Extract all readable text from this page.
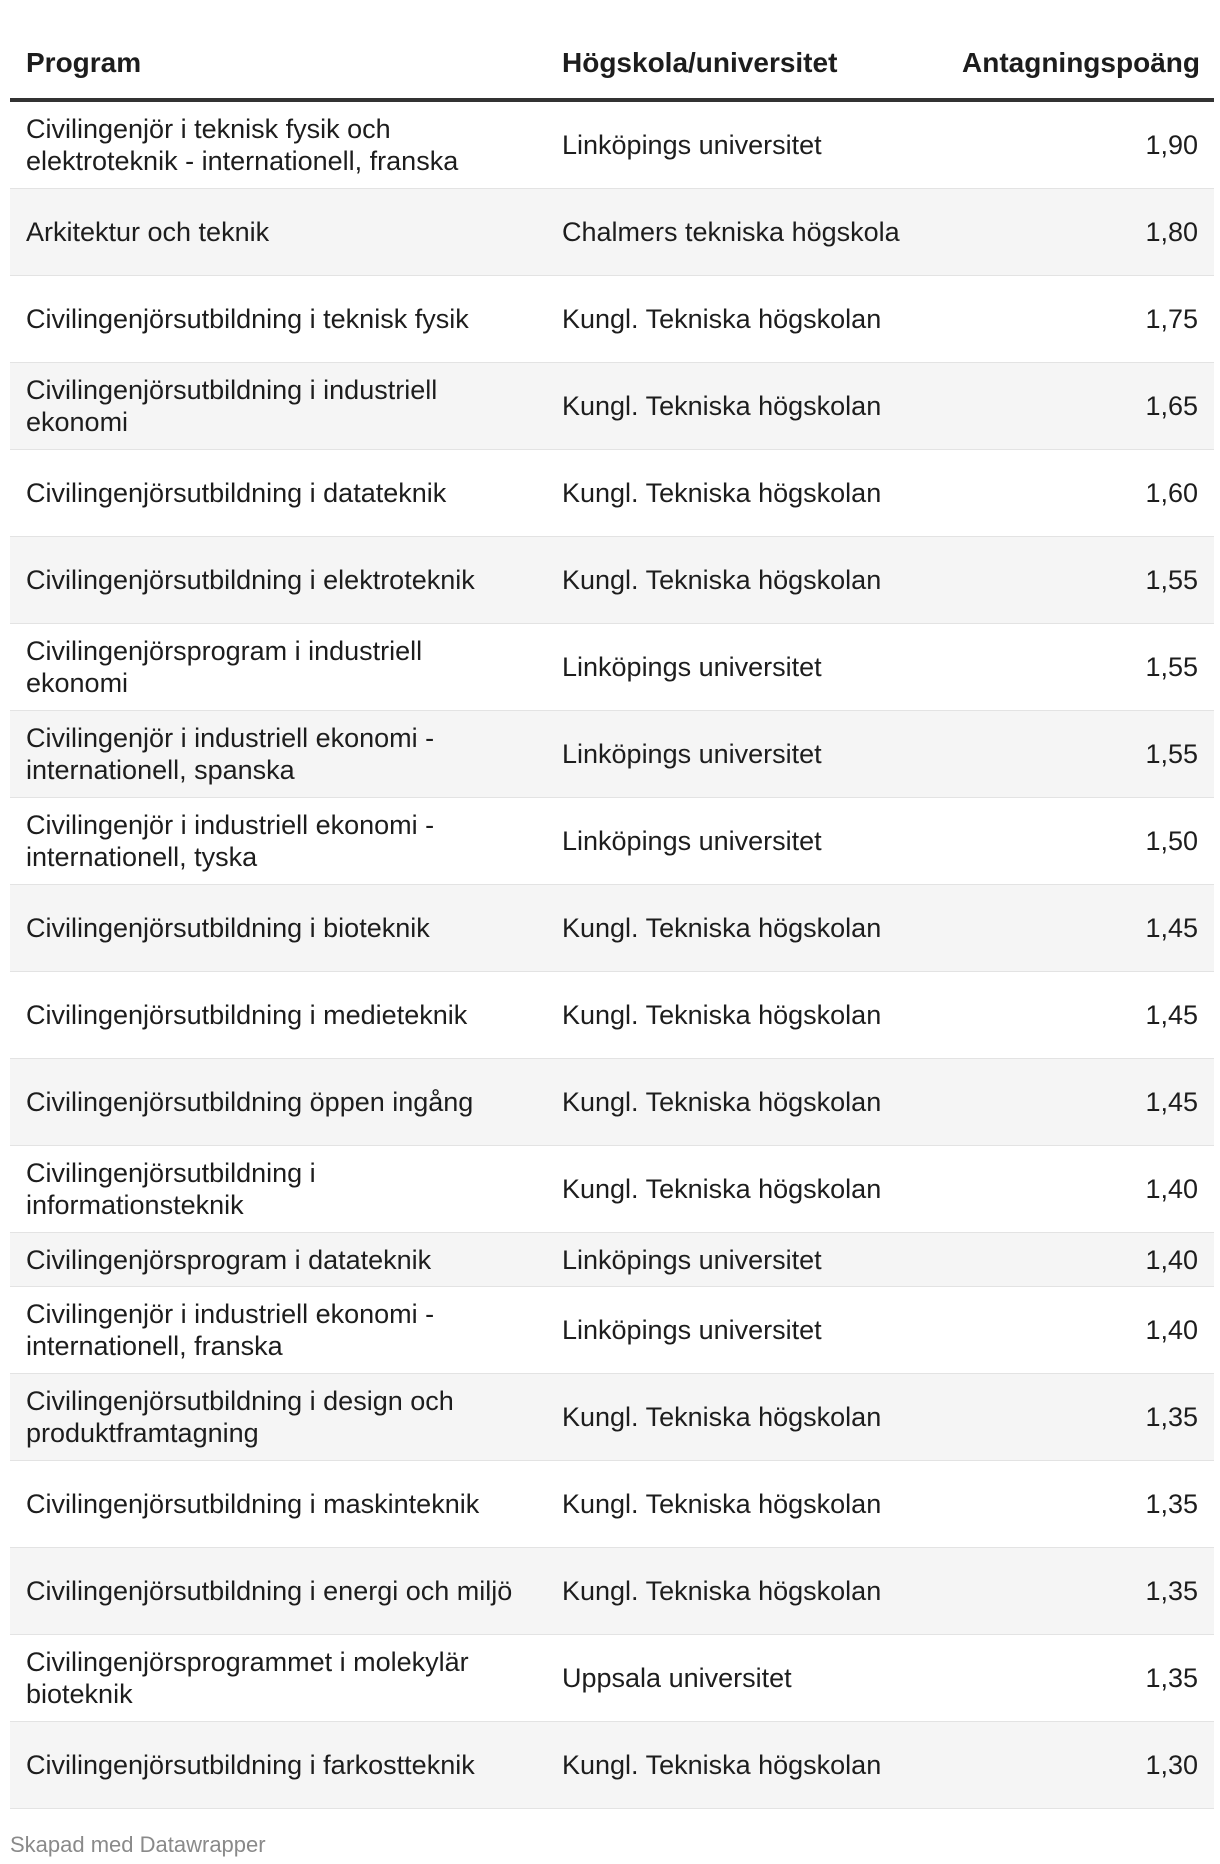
Program	Högskola/universitet	Antagningspoäng
Civilingenjör i teknisk fysik och elektroteknik - internationell, franska	Linköpings universitet	1,90
Arkitektur och teknik	Chalmers tekniska högskola	1,80
Civilingenjörsutbildning i teknisk fysik	Kungl. Tekniska högskolan	1,75
Civilingenjörsutbildning i industriell ekonomi	Kungl. Tekniska högskolan	1,65
Civilingenjörsutbildning i datateknik	Kungl. Tekniska högskolan	1,60
Civilingenjörsutbildning i elektroteknik	Kungl. Tekniska högskolan	1,55
Civilingenjörsprogram i industriell ekonomi	Linköpings universitet	1,55
Civilingenjör i industriell ekonomi - internationell, spanska	Linköpings universitet	1,55
Civilingenjör i industriell ekonomi - internationell, tyska	Linköpings universitet	1,50
Civilingenjörsutbildning i bioteknik	Kungl. Tekniska högskolan	1,45
Civilingenjörsutbildning i medieteknik	Kungl. Tekniska högskolan	1,45
Civilingenjörsutbildning öppen ingång	Kungl. Tekniska högskolan	1,45
Civilingenjörsutbildning i informationsteknik	Kungl. Tekniska högskolan	1,40
Civilingenjörsprogram i datateknik	Linköpings universitet	1,40
Civilingenjör i industriell ekonomi - internationell, franska	Linköpings universitet	1,40
Civilingenjörsutbildning i design och produktframtagning	Kungl. Tekniska högskolan	1,35
Civilingenjörsutbildning i maskinteknik	Kungl. Tekniska högskolan	1,35
Civilingenjörsutbildning i energi och miljö	Kungl. Tekniska högskolan	1,35
Civilingenjörsprogrammet i molekylär bioteknik	Uppsala universitet	1,35
Civilingenjörsutbildning i farkostteknik	Kungl. Tekniska högskolan	1,30
Skapad med Datawrapper
